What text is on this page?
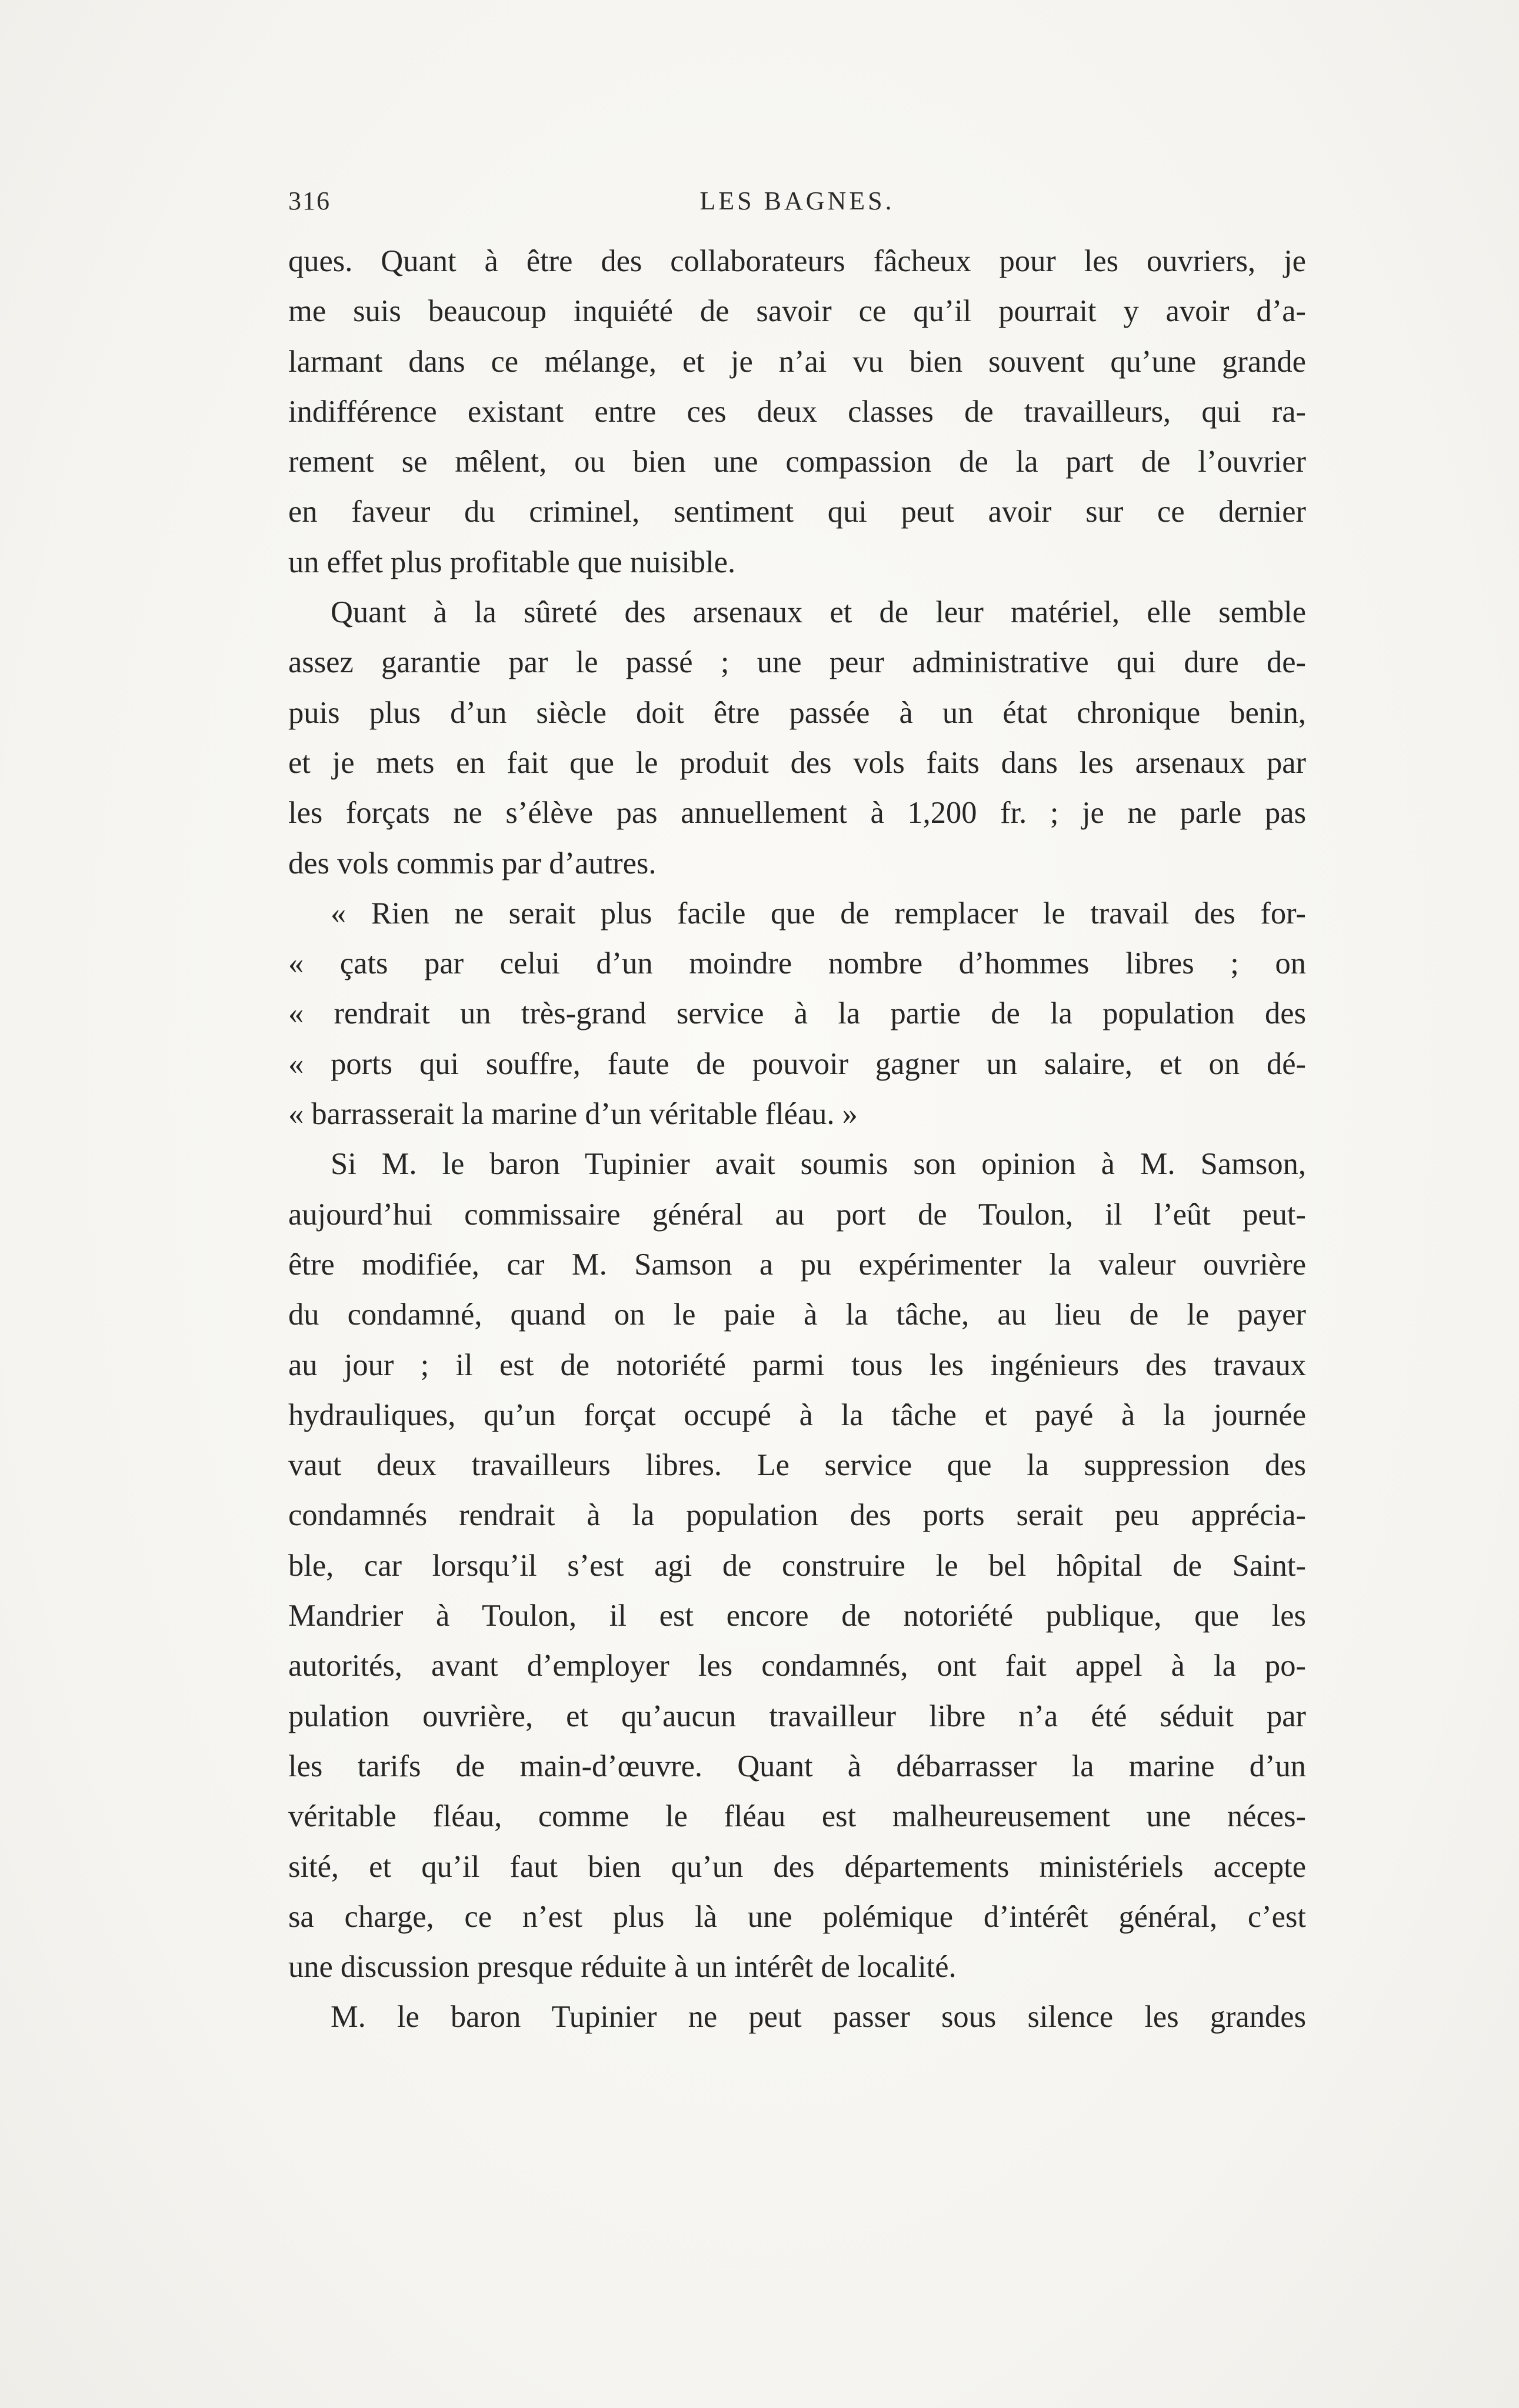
316	LES BAGNES.
ques. Quant à être des collaborateurs fâcheux pour les ouvriers, je
me suis beaucoup inquiété de savoir ce qu’il pourrait y avoir d’a-
larmant dans ce mélange, et je n’ai vu bien souvent qu’une grande
indifférence existant entre ces deux classes de travailleurs, qui ra-
rement se mêlent, ou bien une compassion de la part de l’ouvrier
en faveur du criminel, sentiment qui peut avoir sur ce dernier
un effet plus profitable que nuisible.
Quant à la sûreté des arsenaux et de leur matériel, elle semble
assez garantie par le passé ; une peur administrative qui dure de-
puis plus d’un siècle doit être passée à un état chronique benin,
et je mets en fait que le produit des vols faits dans les arsenaux par
les forçats ne s’élève pas annuellement à 1,200 fr. ; je ne parle pas
des vols commis par d’autres.
« Rien ne serait plus facile que de remplacer le travail des for-
« çats par celui d’un moindre nombre d’hommes libres ; on
« rendrait un très-grand service à la partie de la population des
« ports qui souffre, faute de pouvoir gagner un salaire, et on dé-
« barrasserait la marine d’un véritable fléau. »
Si M. le baron Tupinier avait soumis son opinion à M. Samson,
aujourd’hui commissaire général au port de Toulon, il l’eût peut-
être modifiée, car M. Samson a pu expérimenter la valeur ouvrière
du condamné, quand on le paie à la tâche, au lieu de le payer
au jour ; il est de notoriété parmi tous les ingénieurs des travaux
hydrauliques, qu’un forçat occupé à la tâche et payé à la journée
vaut deux travailleurs libres. Le service que la suppression des
condamnés rendrait à la population des ports serait peu apprécia-
ble, car lorsqu’il s’est agi de construire le bel hôpital de Saint-
Mandrier à Toulon, il est encore de notoriété publique, que les
autorités, avant d’employer les condamnés, ont fait appel à la po-
pulation ouvrière, et qu’aucun travailleur libre n’a été séduit par
les tarifs de main-d’œuvre. Quant à débarrasser la marine d’un
véritable fléau, comme le fléau est malheureusement une néces-
sité, et qu’il faut bien qu’un des départements ministériels accepte
sa charge, ce n’est plus là une polémique d’intérêt général, c’est
une discussion presque réduite à un intérêt de localité.
M. le baron Tupinier ne peut passer sous silence les grandes
